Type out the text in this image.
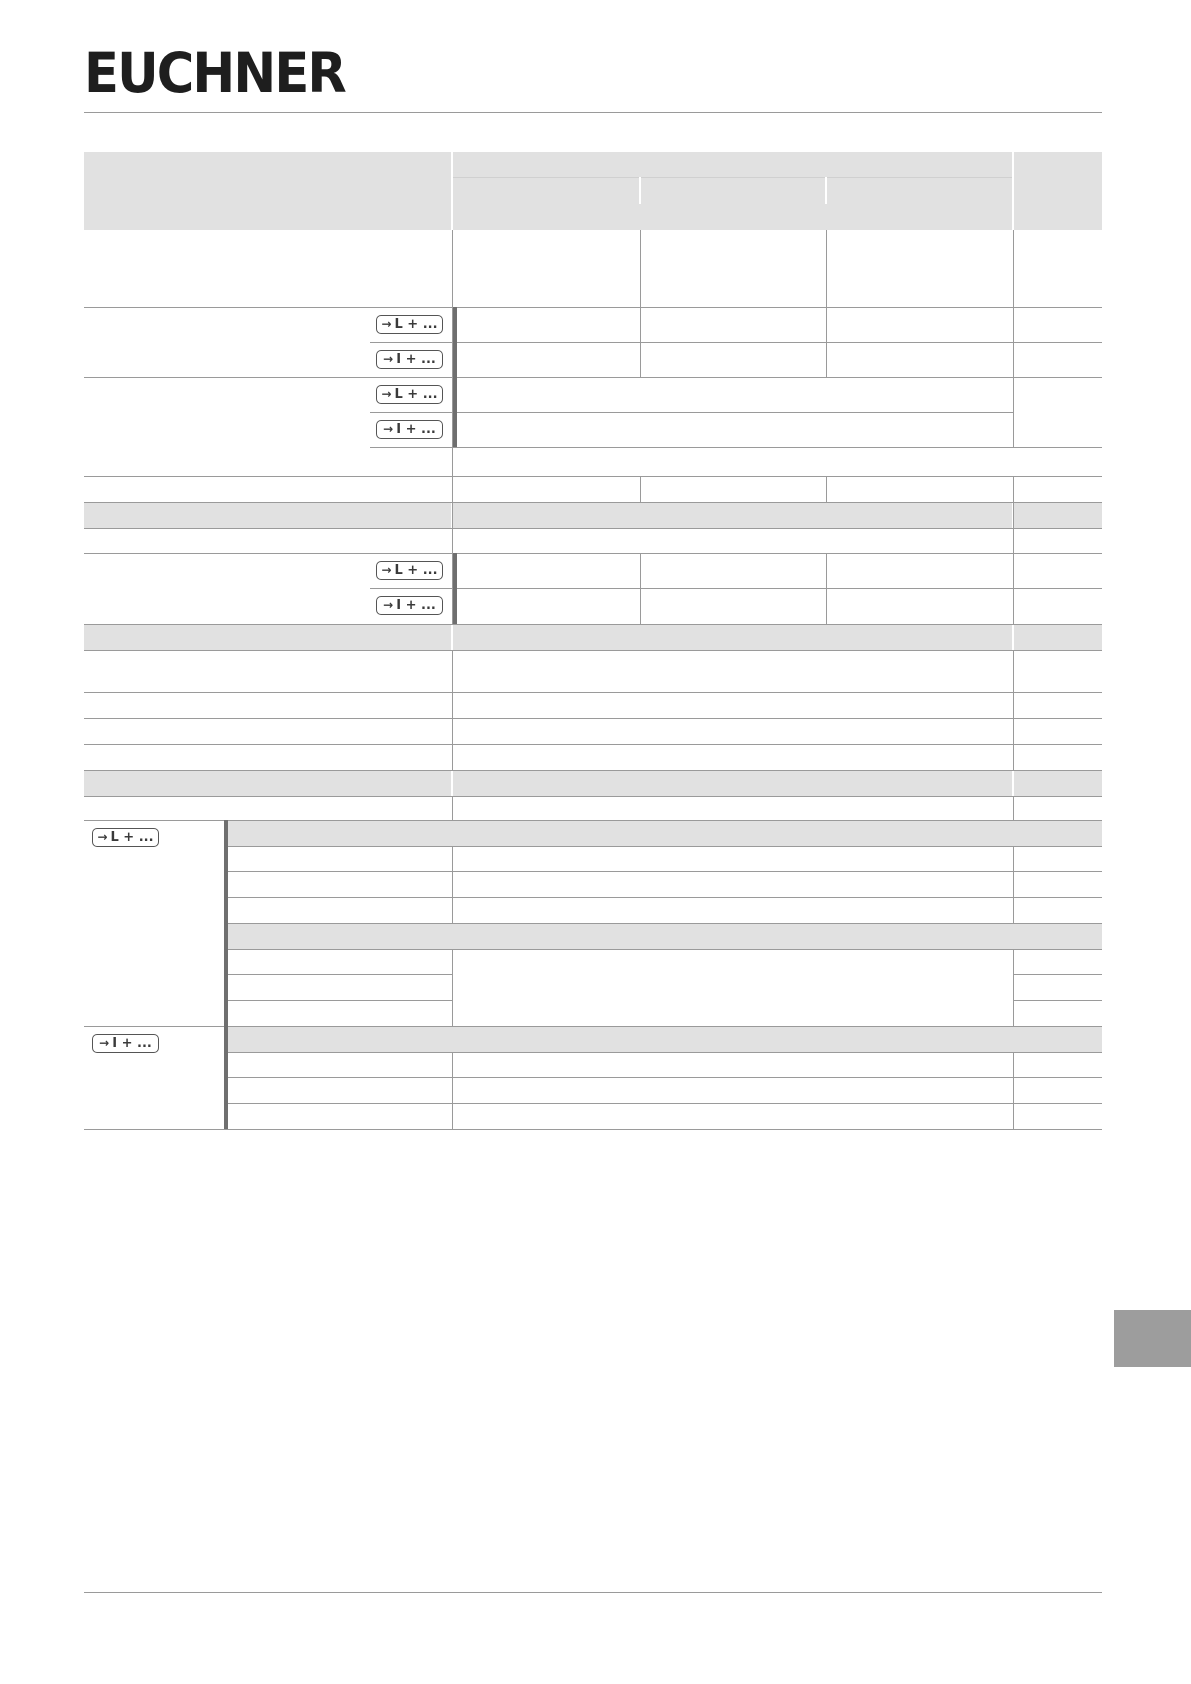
EUCHNER
→ L + ...
→ I + ...
→ L + ...
→ I + ...
→ L + ...
→ I + ...
→ L + ...
→ I + ...
